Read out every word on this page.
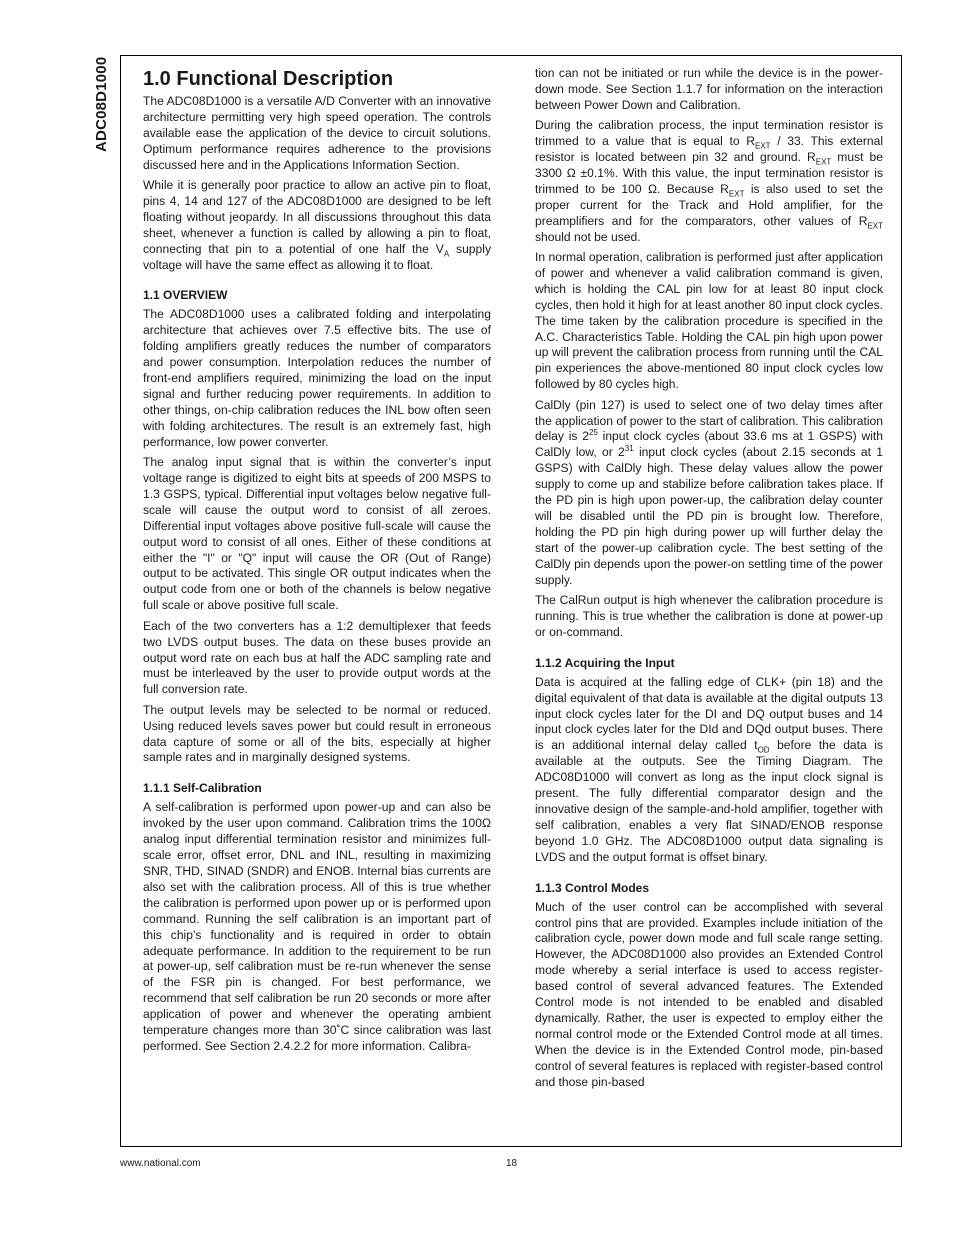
ADC08D1000 1.0 Functional Description

The ADC08D1000 is a versatile A/D Converter with an innovative architecture permitting very high speed operation. The controls available ease the application of the device to circuit solutions. Optimum performance requires adherence to the provisions discussed here and in the Applications Information Section.

While it is generally poor practice to allow an active pin to float, pins 4, 14 and 127 of the ADC08D1000 are designed to be left floating without jeopardy. In all discussions throughout this data sheet, whenever a function is called by allowing a pin to float, connecting that pin to a potential of one half the $V_A$ supply voltage will have the same effect as allowing it to float.

1.1 OVERVIEW

The ADC08D1000 uses a calibrated folding and interpolating architecture that achieves over 7.5 effective bits. The use of folding amplifiers greatly reduces the number of comparators and power consumption. Interpolation reduces the number of front-end amplifiers required, minimizing the load on the input signal and further reducing power requirements. In addition to other things, on-chip calibration reduces the INL bow often seen with folding architectures. The result is an extremely fast, high performance, low power converter.

The analog input signal that is within the converter’s input voltage range is digitized to eight bits at speeds of 200 MSPS to 1.3 GSPS, typical. Differential input voltages below negative full-scale will cause the output word to consist of all zeroes. Differential input voltages above positive full-scale will cause the output word to consist of all ones. Either of these conditions at either the "I" or "Q" input will cause the OR (Out of Range) output to be activated. This single OR output indicates when the output code from one or both of the channels is below negative full scale or above positive full scale.

Each of the two converters has a 1:2 demultiplexer that feeds two LVDS output buses. The data on these buses provide an output word rate on each bus at half the ADC sampling rate and must be interleaved by the user to provide output words at the full conversion rate.

The output levels may be selected to be normal or reduced. Using reduced levels saves power but could result in erroneous data capture of some or all of the bits, especially at higher sample rates and in marginally designed systems.

1.1.1 Self-Calibration

A self-calibration is performed upon power-up and can also be invoked by the user upon command. Calibration trims the 100Ω analog input differential termination resistor and minimizes full-scale error, offset error, DNL and INL, resulting in maximizing SNR, THD, SINAD (SNDR) and ENOB. Internal bias currents are also set with the calibration process. All of this is true whether the calibration is performed upon power up or is performed upon command. Running the self calibration is an important part of this chip’s functionality and is required in order to obtain adequate performance. In addition to the requirement to be run at power-up, self calibration must be re-run whenever the sense of the FSR pin is changed. For best performance, we recommend that self calibration be run 20 seconds or more after application of power and whenever the operating ambient temperature changes more than 30˚C since calibration was last performed. See Section 2.4.2.2 for more information. Calibra-

tion can not be initiated or run while the device is in the power-down mode. See Section 1.1.7 for information on the interaction between Power Down and Calibration.

During the calibration process, the input termination resistor is trimmed to a value that is equal to $R_{EXT} / 33$. This external resistor is located between pin 32 and ground. $R_{EXT}$ must be 3300 Ω ±0.1%. With this value, the input termination resistor is trimmed to be 100 Ω. Because $R_{EXT}$ is also used to set the proper current for the Track and Hold amplifier, for the preamplifiers and for the comparators, other values of $R_{EXT}$ should not be used.

In normal operation, calibration is performed just after application of power and whenever a valid calibration command is given, which is holding the CAL pin low for at least 80 input clock cycles, then hold it high for at least another 80 input clock cycles. The time taken by the calibration procedure is specified in the A.C. Characteristics Table. Holding the CAL pin high upon power up will prevent the calibration process from running until the CAL pin experiences the above-mentioned 80 input clock cycles low followed by 80 cycles high.

CalDly (pin 127) is used to select one of two delay times after the application of power to the start of calibration. This calibration delay is $2^{25}$ input clock cycles (about 33.6 ms at 1 GSPS) with CalDly low, or $2^{31}$ input clock cycles (about 2.15 seconds at 1 GSPS) with CalDly high. These delay values allow the power supply to come up and stabilize before calibration takes place. If the PD pin is high upon power-up, the calibration delay counter will be disabled until the PD pin is brought low. Therefore, holding the PD pin high during power up will further delay the start of the power-up calibration cycle. The best setting of the CalDly pin depends upon the power-on settling time of the power supply.

The CalRun output is high whenever the calibration procedure is running. This is true whether the calibration is done at power-up or on-command.

1.1.2 Acquiring the Input

Data is acquired at the falling edge of CLK+ (pin 18) and the digital equivalent of that data is available at the digital outputs 13 input clock cycles later for the DI and DQ output buses and 14 input clock cycles later for the DId and DQd output buses. There is an additional internal delay called $t_{OD}$ before the data is available at the outputs. See the Timing Diagram. The ADC08D1000 will convert as long as the input clock signal is present. The fully differential comparator design and the innovative design of the sample-and-hold amplifier, together with self calibration, enables a very flat SINAD/ENOB response beyond 1.0 GHz. The ADC08D1000 output data signaling is LVDS and the output format is offset binary.

1.1.3 Control Modes

Much of the user control can be accomplished with several control pins that are provided. Examples include initiation of the calibration cycle, power down mode and full scale range setting. However, the ADC08D1000 also provides an Extended Control mode whereby a serial interface is used to access register-based control of several advanced features. The Extended Control mode is not intended to be enabled and disabled dynamically. Rather, the user is expected to employ either the normal control mode or the Extended Control mode at all times. When the device is in the Extended Control mode, pin-based control of several features is replaced with register-based control and those pin-based

www.national.com	18
